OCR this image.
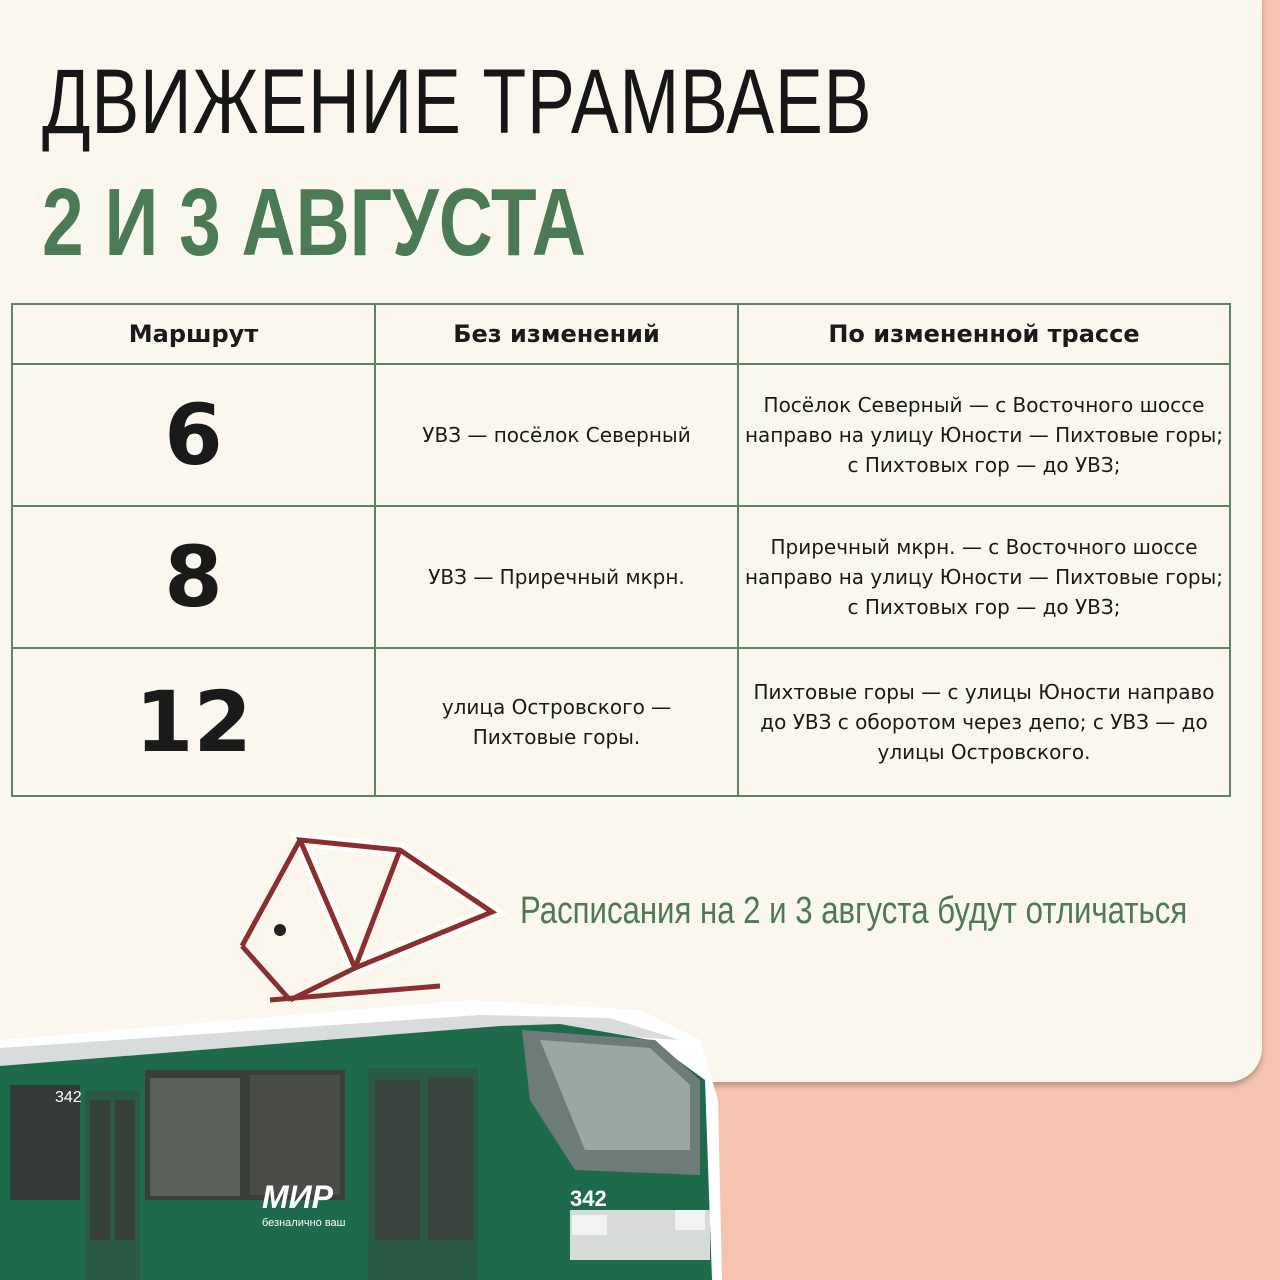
ДВИЖЕНИЕ ТРАМВАЕВ
2 И 3 АВГУСТА
Маршрут	Без изменений	По измененной трассе
6	УВЗ — посёлок Северный	Посёлок Северный — с Восточного шоссе направо на улицу Юности — Пихтовые горы; с Пихтовых гор — до УВЗ;
8	УВЗ — Приречный мкрн.	Приречный мкрн. — с Восточного шоссе направо на улицу Юности — Пихтовые горы; с Пихтовых гор — до УВЗ;
12	улица Островского — Пихтовые горы.	Пихтовые горы — с улицы Юности направо до УВЗ с оборотом через депо; с УВЗ — до улицы Островского.

Расписания на 2 и 3 августа будут отличаться

342
342
МИР
безналично ваш
